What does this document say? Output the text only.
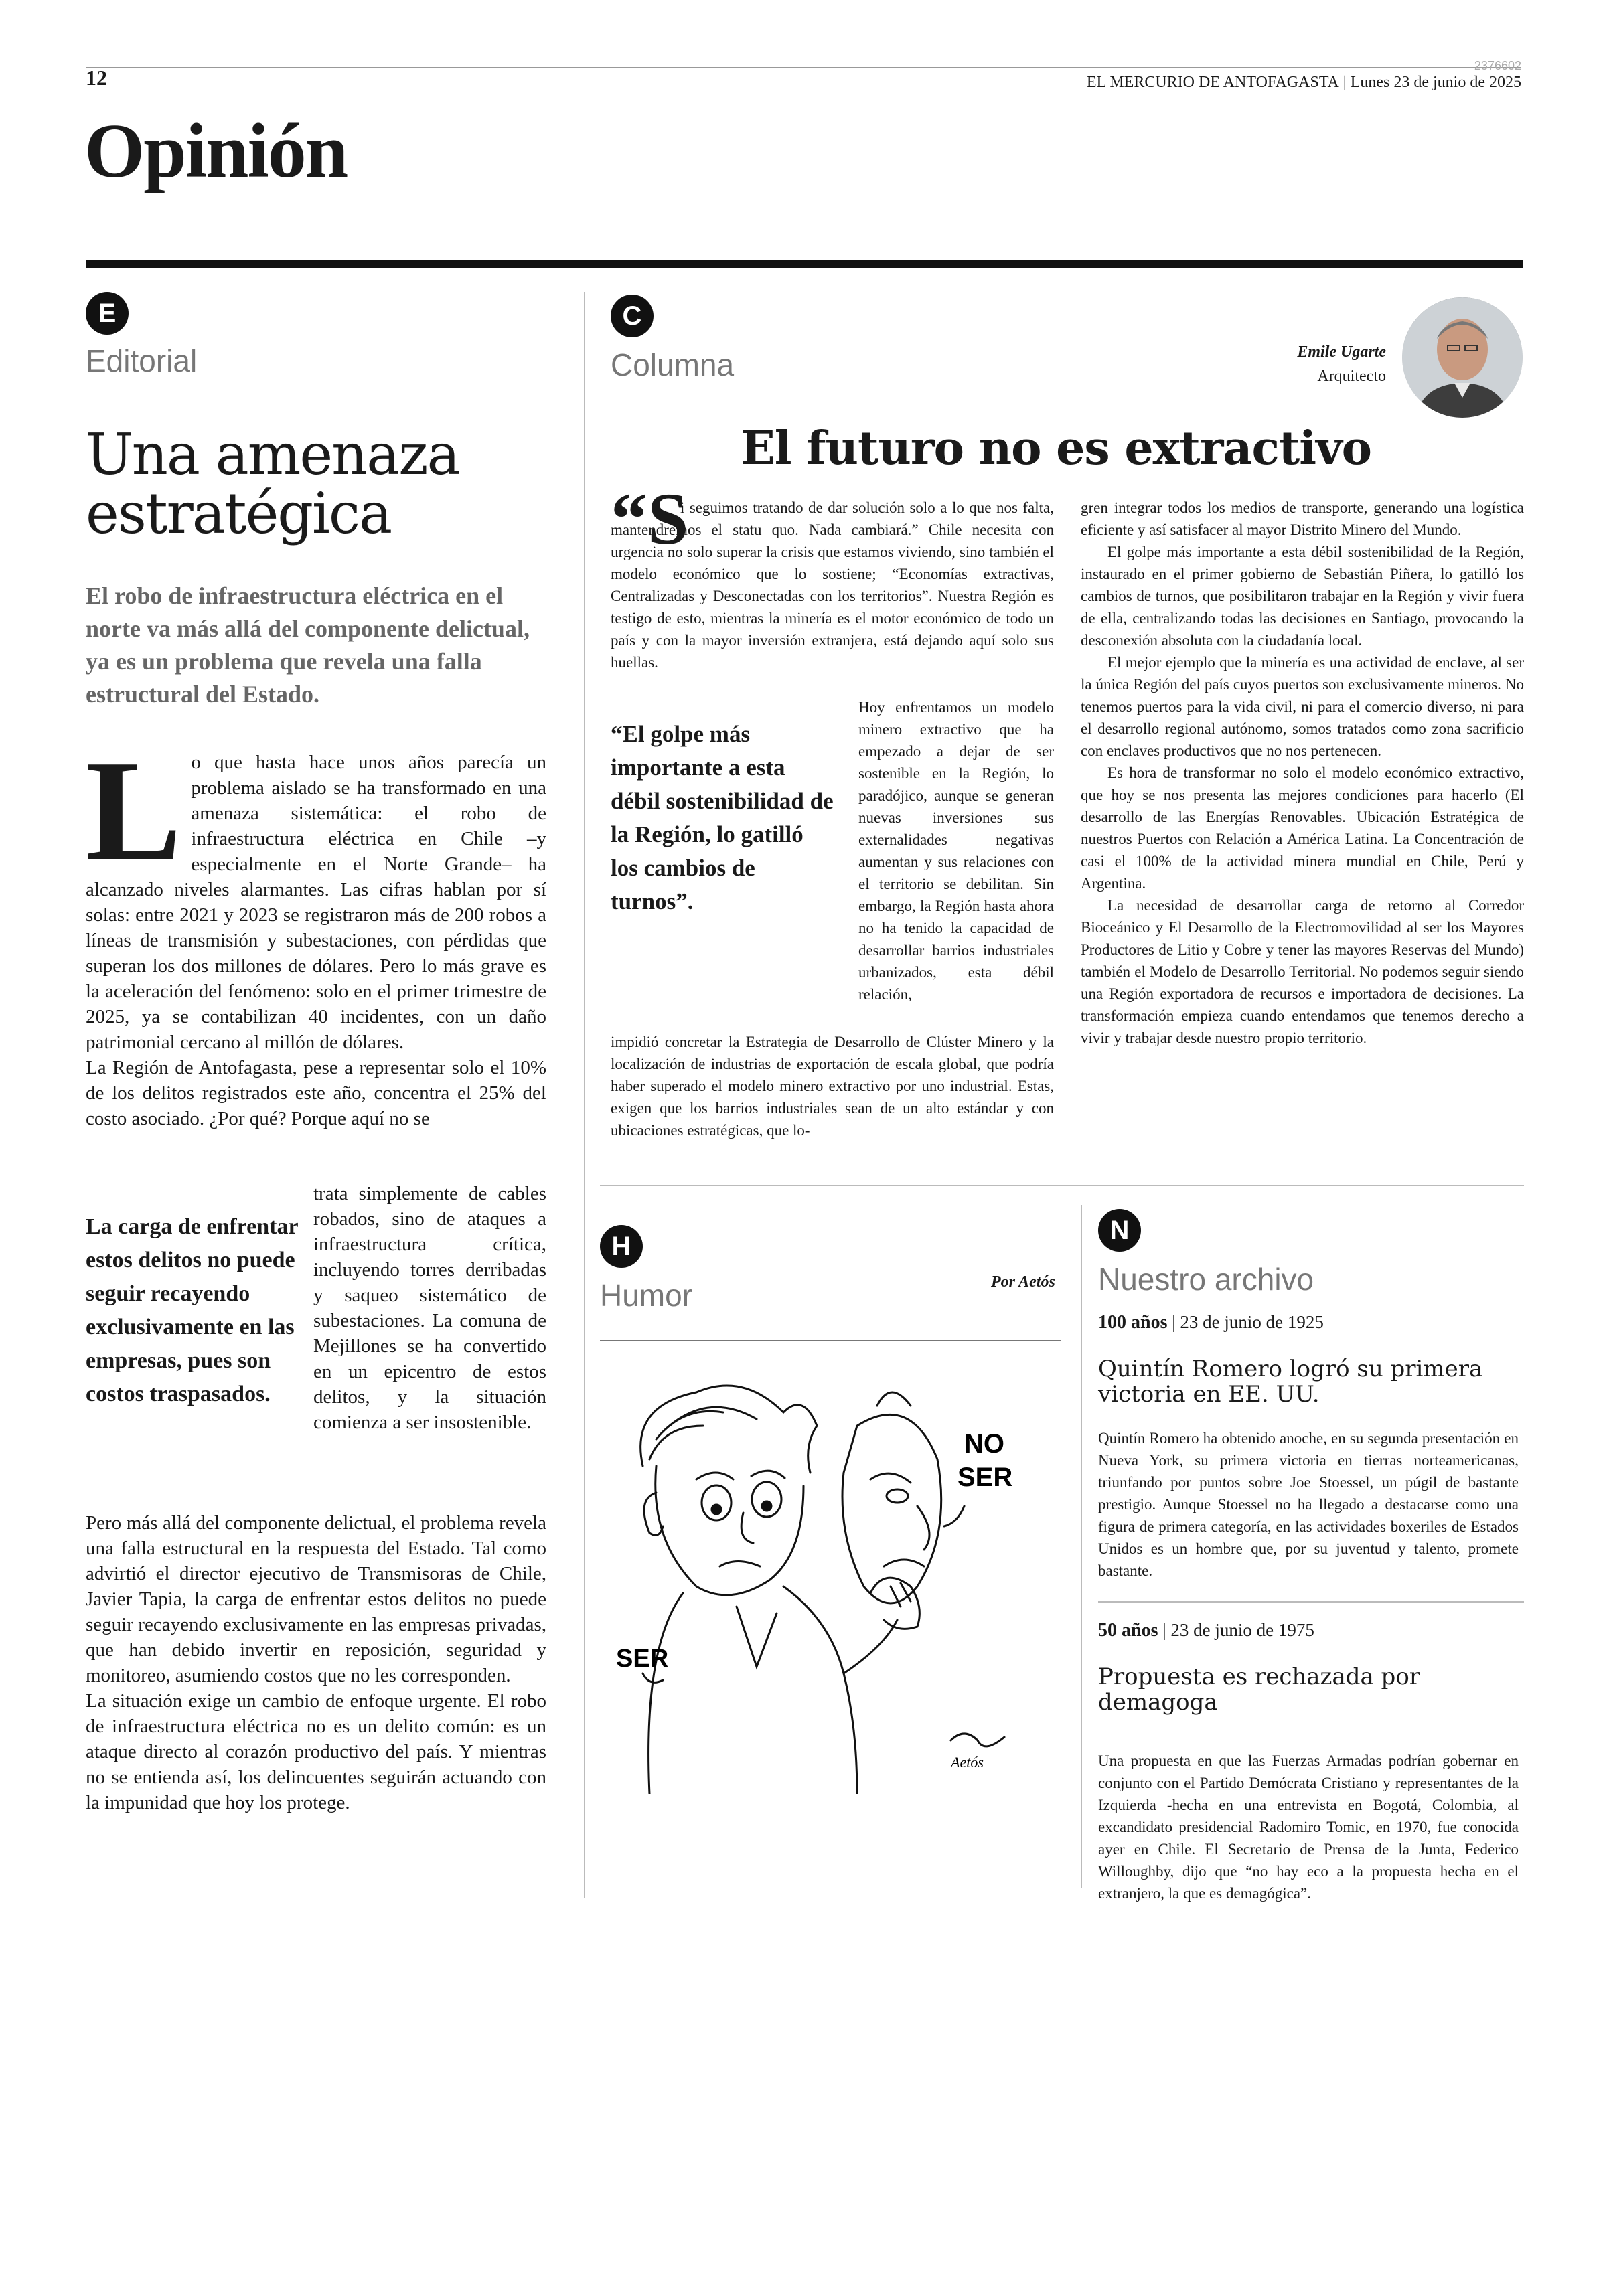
12	2376602
EL MERCURIO DE ANTOFAGASTA | Lunes 23 de junio de 2025
Opinión
E
Editorial
Una amenaza estratégica

El robo de infraestructura eléctrica en el norte va más allá del componente delictual, ya es un problema que revela una falla estructural del Estado.

L o que hasta hace unos años parecía un problema aislado se ha transformado en una amenaza sistemática: el robo de infraestructura eléctrica en Chile –y especialmente en el Norte Grande– ha alcanzado niveles alarmantes. Las cifras hablan por sí solas: entre 2021 y 2023 se registraron más de 200 robos a líneas de transmisión y subestaciones, con pérdidas que superan los dos millones de dólares. Pero lo más grave es la aceleración del fenómeno: solo en el primer trimestre de 2025, ya se contabilizan 40 incidentes, con un daño patrimonial cercano al millón de dólares.

La Región de Antofagasta, pese a representar solo el 10% de los delitos registrados este año, concentra el 25% del costo asociado. ¿Por qué? Porque aquí no se

La carga de enfrentar estos delitos no puede seguir recayendo exclusivamente en las empresas, pues son costos traspasados.

trata simplemente de cables robados, sino de ataques a infraestructura crítica, incluyendo torres derribadas y saqueo sistemático de subestaciones. La comuna de Mejillones se ha convertido en un epicentro de estos delitos, y la situación comienza a ser insostenible.

Pero más allá del componente delictual, el problema revela una falla estructural en la respuesta del Estado. Tal como advirtió el director ejecutivo de Transmisoras de Chile, Javier Tapia, la carga de enfrentar estos delitos no puede seguir recayendo exclusivamente en las empresas privadas, que han debido invertir en reposición, seguridad y monitoreo, asumiendo costos que no les corresponden.

La situación exige un cambio de enfoque urgente. El robo de infraestructura eléctrica no es un delito común: es un ataque directo al corazón productivo del país. Y mientras no se entienda así, los delincuentes seguirán actuando con la impunidad que hoy los protege.

C
Columna	Emile Ugarte
Arquitecto
El futuro no es extractivo
“S

i seguimos tratando de dar solución solo a lo que nos falta, mantendremos el statu quo. Nada cambiará.” Chile necesita con urgencia no solo superar la crisis que estamos viviendo, sino también el modelo económico que lo sostiene; “Economías extractivas, Centralizadas y Desconectadas con los territorios”. Nuestra Región es testigo de esto, mientras la minería es el motor económico de todo un país y con la mayor inversión extranjera, está dejando aquí solo sus huellas.

“El golpe más importante a esta débil sostenibilidad de la Región, lo gatilló los cambios de turnos”.

Hoy enfrentamos un modelo minero extractivo que ha empezado a dejar de ser sostenible en la Región, lo paradójico, aunque se generan nuevas inversiones sus externalidades negativas aumentan y sus relaciones con el territorio se debilitan. Sin embargo, la Región hasta ahora no ha tenido la capacidad de desarrollar barrios industriales urbanizados, esta débil relación,

impidió concretar la Estrategia de Desarrollo de Clúster Minero y la localización de industrias de exportación de escala global, que podría haber superado el modelo minero extractivo por uno industrial. Estas, exigen que los barrios industriales sean de un alto estándar y con ubicaciones estratégicas, que lo-

gren integrar todos los medios de transporte, generando una logística eficiente y así satisfacer al mayor Distrito Minero del Mundo.

El golpe más importante a esta débil sostenibilidad de la Región, instaurado en el primer gobierno de Sebastián Piñera, lo gatilló los cambios de turnos, que posibilitaron trabajar en la Región y vivir fuera de ella, centralizando todas las decisiones en Santiago, provocando la desconexión absoluta con la ciudadanía local.

El mejor ejemplo que la minería es una actividad de enclave, al ser la única Región del país cuyos puertos son exclusivamente mineros. No tenemos puertos para la vida civil, ni para el comercio diverso, ni para el desarrollo regional autónomo, somos tratados como zona sacrificio con enclaves productivos que no nos pertenecen.

Es hora de transformar no solo el modelo económico extractivo, que hoy se nos presenta las mejores condiciones para hacerlo (El desarrollo de las Energías Renovables. Ubicación Estratégica de nuestros Puertos con Relación a América Latina. La Concentración de casi el 100% de la actividad minera mundial en Chile, Perú y Argentina.

La necesidad de desarrollar carga de retorno al Corredor Bioceánico y El Desarrollo de la Electromovilidad al ser los Mayores Productores de Litio y Cobre y tener las mayores Reservas del Mundo) también el Modelo de Desarrollo Territorial. No podemos seguir siendo una Región exportadora de recursos e importadora de decisiones. La transformación empieza cuando entendamos que tenemos derecho a vivir y trabajar desde nuestro propio territorio.

H
Humor	Por Aetós
SER
NO
SER
Aetós
N
Nuestro archivo
100 años | 23 de junio de 1925
Quintín Romero logró su primera victoria en EE. UU.

Quintín Romero ha obtenido anoche, en su segunda presentación en Nueva York, su primera victoria en tierras norteamericanas, triunfando por puntos sobre Joe Stoessel, un púgil de bastante prestigio. Aunque Stoessel no ha llegado a destacarse como una figura de primera categoría, en las actividades boxeriles de Estados Unidos es un hombre que, por su juventud y talento, promete bastante.

50 años | 23 de junio de 1975
Propuesta es rechazada por demagoga

Una propuesta en que las Fuerzas Armadas podrían gobernar en conjunto con el Partido Demócrata Cristiano y representantes de la Izquierda -hecha en una entrevista en Bogotá, Colombia, al excandidato presidencial Radomiro Tomic, en 1970, fue conocida ayer en Chile. El Secretario de Prensa de la Junta, Federico Willoughby, dijo que “no hay eco a la propuesta hecha en el extranjero, la que es demagógica”.
